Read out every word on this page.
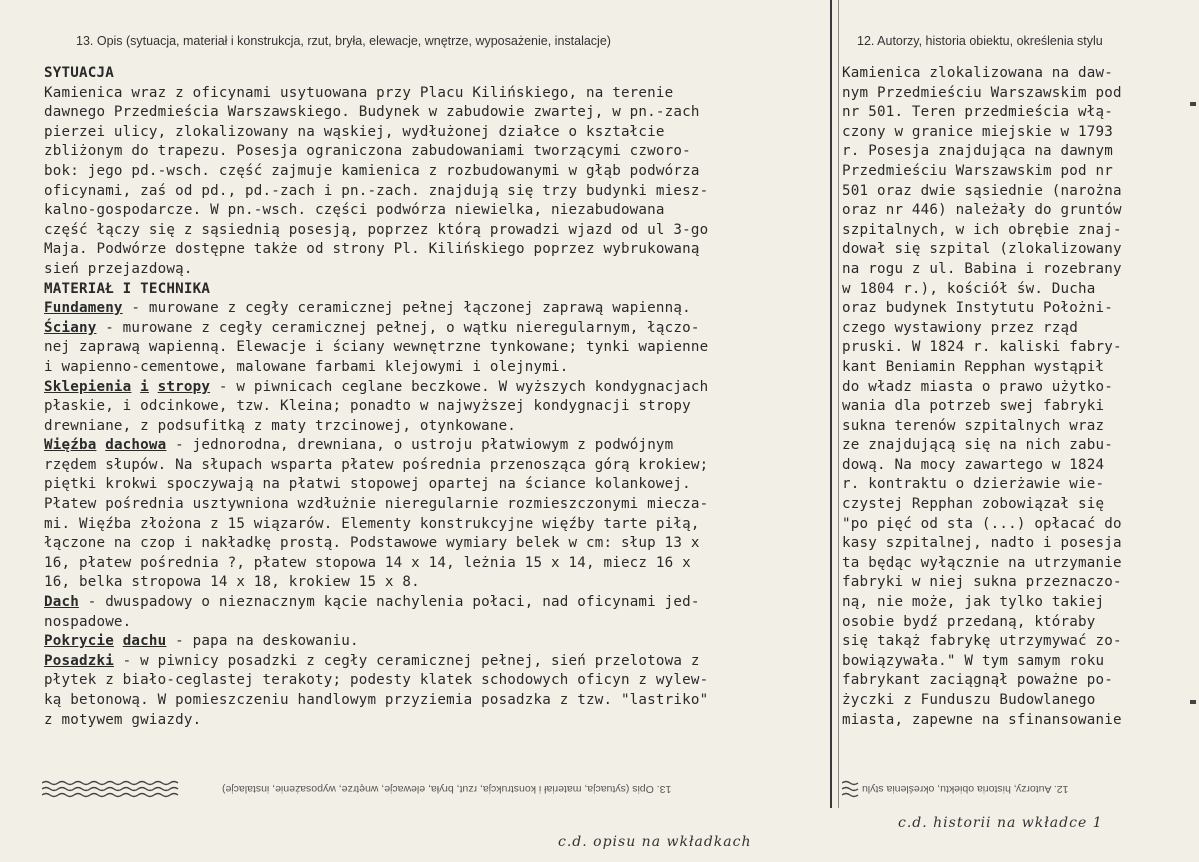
13. Opis (sytuacja, materiał i konstrukcja, rzut, bryła, elewacje, wnętrze, wyposażenie, instalacje)	12. Autorzy, historia obiektu, określenia stylu
SYTUACJA
Kamienica wraz z oficynami usytuowana przy Placu Kilińskiego, na terenie
dawnego Przedmieścia Warszawskiego. Budynek w zabudowie zwartej, w pn.-zach
pierzei ulicy, zlokalizowany na wąskiej, wydłużonej działce o kształcie
zbliżonym do trapezu. Posesja ograniczona zabudowaniami tworzącymi czworo-
bok: jego pd.-wsch. część zajmuje kamienica z rozbudowanymi w głąb podwórza
oficynami, zaś od pd., pd.-zach i pn.-zach. znajdują się trzy budynki miesz-
kalno-gospodarcze. W pn.-wsch. części podwórza niewielka, niezabudowana
część łączy się z sąsiednią posesją, poprzez którą prowadzi wjazd od ul 3-go
Maja. Podwórze dostępne także od strony Pl. Kilińskiego poprzez wybrukowaną
sień przejazdową.
MATERIAŁ I TECHNIKA
Fundameny - murowane z cegły ceramicznej pełnej łączonej zaprawą wapienną.
Ściany - murowane z cegły ceramicznej pełnej, o wątku nieregularnym, łączo-
nej zaprawą wapienną. Elewacje i ściany wewnętrzne tynkowane; tynki wapienne
i wapienno-cementowe, malowane farbami klejowymi i olejnymi.
Sklepienia i stropy - w piwnicach ceglane beczkowe. W wyższych kondygnacjach
płaskie, i odcinkowe, tzw. Kleina; ponadto w najwyższej kondygnacji stropy
drewniane, z podsufitką z maty trzcinowej, otynkowane.
Więźba dachowa - jednorodna, drewniana, o ustroju płatwiowym z podwójnym
rzędem słupów. Na słupach wsparta płatew pośrednia przenosząca górą krokiew;
piętki krokwi spoczywają na płatwi stopowej opartej na ściance kolankowej.
Płatew pośrednia usztywniona wzdłużnie nieregularnie rozmieszczonymi miecza-
mi. Więźba złożona z 15 wiązarów. Elementy konstrukcyjne więźby tarte piłą,
łączone na czop i nakładkę prostą. Podstawowe wymiary belek w cm: słup 13 x
16, płatew pośrednia ?, płatew stopowa 14 x 14, leżnia 15 x 14, miecz 16 x
16, belka stropowa 14 x 18, krokiew 15 x 8.
Dach - dwuspadowy o nieznacznym kącie nachylenia połaci, nad oficynami jed-
nospadowe.
Pokrycie dachu - papa na deskowaniu.
Posadzki - w piwnicy posadzki z cegły ceramicznej pełnej, sień przelotowa z
płytek z biało-ceglastej terakoty; podesty klatek schodowych oficyn z wylew-
ką betonową. W pomieszczeniu handlowym przyziemia posadzka z tzw. "lastriko"
z motywem gwiazdy.
Kamienica zlokalizowana na daw-
nym Przedmieściu Warszawskim pod
nr 501. Teren przedmieścia włą-
czony w granice miejskie w 1793
r. Posesja znajdująca na dawnym
Przedmieściu Warszawskim pod nr
501 oraz dwie sąsiednie (narożna
oraz nr 446) należały do gruntów
szpitalnych, w ich obrębie znaj-
dował się szpital (zlokalizowany
na rogu z ul. Babina i rozebrany
w 1804 r.), kościół św. Ducha
oraz budynek Instytutu Położni-
czego wystawiony przez rząd
pruski. W 1824 r. kaliski fabry-
kant Beniamin Repphan wystąpił
do władz miasta o prawo użytko-
wania dla potrzeb swej fabryki
sukna terenów szpitalnych wraz
ze znajdującą się na nich zabu-
dową. Na mocy zawartego w 1824
r. kontraktu o dzierżawie wie-
czystej Repphan zobowiązał się
"po pięć od sta (...) opłacać do
kasy szpitalnej, nadto i posesja
ta będąc wyłącznie na utrzymanie
fabryki w niej sukna przeznaczo-
ną, nie może, jak tylko takiej
osobie bydź przedaną, któraby
się takąż fabrykę utrzymywać zo-
bowiązywała." W tym samym roku
fabrykant zaciągnął poważne po-
życzki z Funduszu Budowlanego
miasta, zapewne na sfinansowanie
13. Opis (sytuacja, materiał i konstrukcja, rzut, bryła, elewacje, wnętrze, wyposażenie, instalacje)	12. Autorzy, historia obiektu, określenia stylu
c.d. opisu na wkładkach
c.d. historii na wkładce 1
